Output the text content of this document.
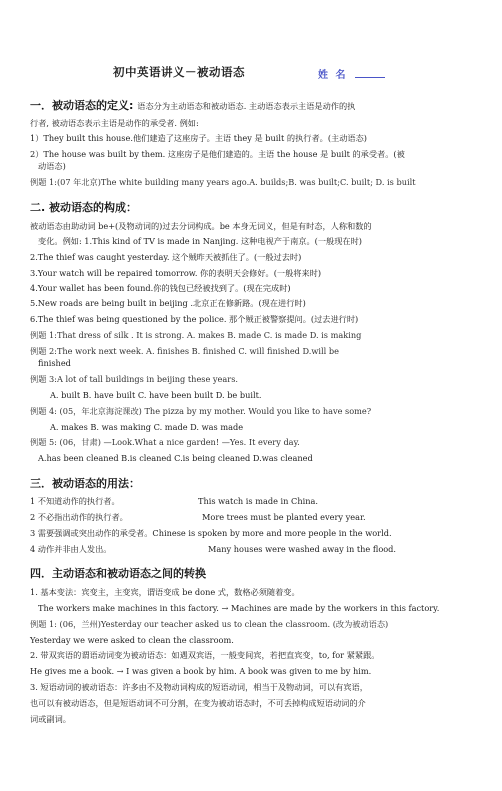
初中英语讲义－被动语态	姓 名
一．被动语态的定义: 语态分为主动语态和被动语态. 主动语态表示主语是动作的执
行者, 被动语态表示主语是动作的承受者. 例如:
1）They built this house.他们建造了这座房子。主语 they 是 built 的执行者。(主动语态)
2）The house was built by them. 这座房子是他们建造的。主语 the house 是 built 的承受者。(被
动语态)
例题 1:(07 年北京)The white building many years ago.A. builds;B. was built;C. built; D. is built
二. 被动语态的构成：
被动语态由助动词 be+(及物动词的)过去分词构成。be 本身无词义，但是有时态，人称和数的
变化。例如: 1.This kind of TV is made in Nanjing. 这种电视产于南京。(一般现在时)
2.The thief was caught yesterday. 这个贼昨天被抓住了。(一般过去时)
3.Your watch will be repaired tomorrow. 你的表明天会修好。(一般将来时)
4.Your wallet has been found.你的钱包已经被找到了。(现在完成时)
5.New roads are being built in beijing .北京正在修新路。(现在进行时)
6.The thief was being questioned by the police. 那个贼正被警察提问。(过去进行时)
例题 1:That dress of silk . It is strong. A. makes B. made C. is made D. is making
例题 2:The work next week. A. finishes B. finished C. will finished D.will be
finished
例题 3:A lot of tall buildings in beijing these years.
A. built B. have built C. have been built D. be built.
例题 4: (05，年北京海淀课改) The pizza by my mother. Would you like to have some?
A. makes B. was making C. made D. was made
例题 5: (06，甘肃) —Look.What a nice garden! —Yes. It every day.
A.has been cleaned B.is cleaned C.is being cleaned D.was cleaned
三．被动语态的用法：
1 不知道动作的执行者。	This watch is made in China.
2 不必指出动作的执行者。	More trees must be planted every year.
3 需要强调或突出动作的承受者。Chinese is spoken by more and more people in the world.
4 动作并非由人发出。	Many houses were washed away in the flood.
四．主动语态和被动语态之间的转换
1. 基本变法：宾变主，主变宾，谓语变成 be done 式，数格必须随着变。
The workers make machines in this factory. → Machines are made by the workers in this factory.
例题 1: (06，兰州)Yesterday our teacher asked us to clean the classroom. (改为被动语态)
Yesterday we were asked to clean the classroom.
2. 带双宾语的谓语动词变为被动语态：如遇双宾语，一般变间宾，若把直宾变，to, for 紧紧跟。
He gives me a book. → I was given a book by him. A book was given to me by him.
3. 短语动词的被动语态：许多由不及物动词构成的短语动词，相当于及物动词，可以有宾语，
也可以有被动语态，但是短语动词不可分割，在变为被动语态时，不可丢掉构成短语动词的介
词或副词。
